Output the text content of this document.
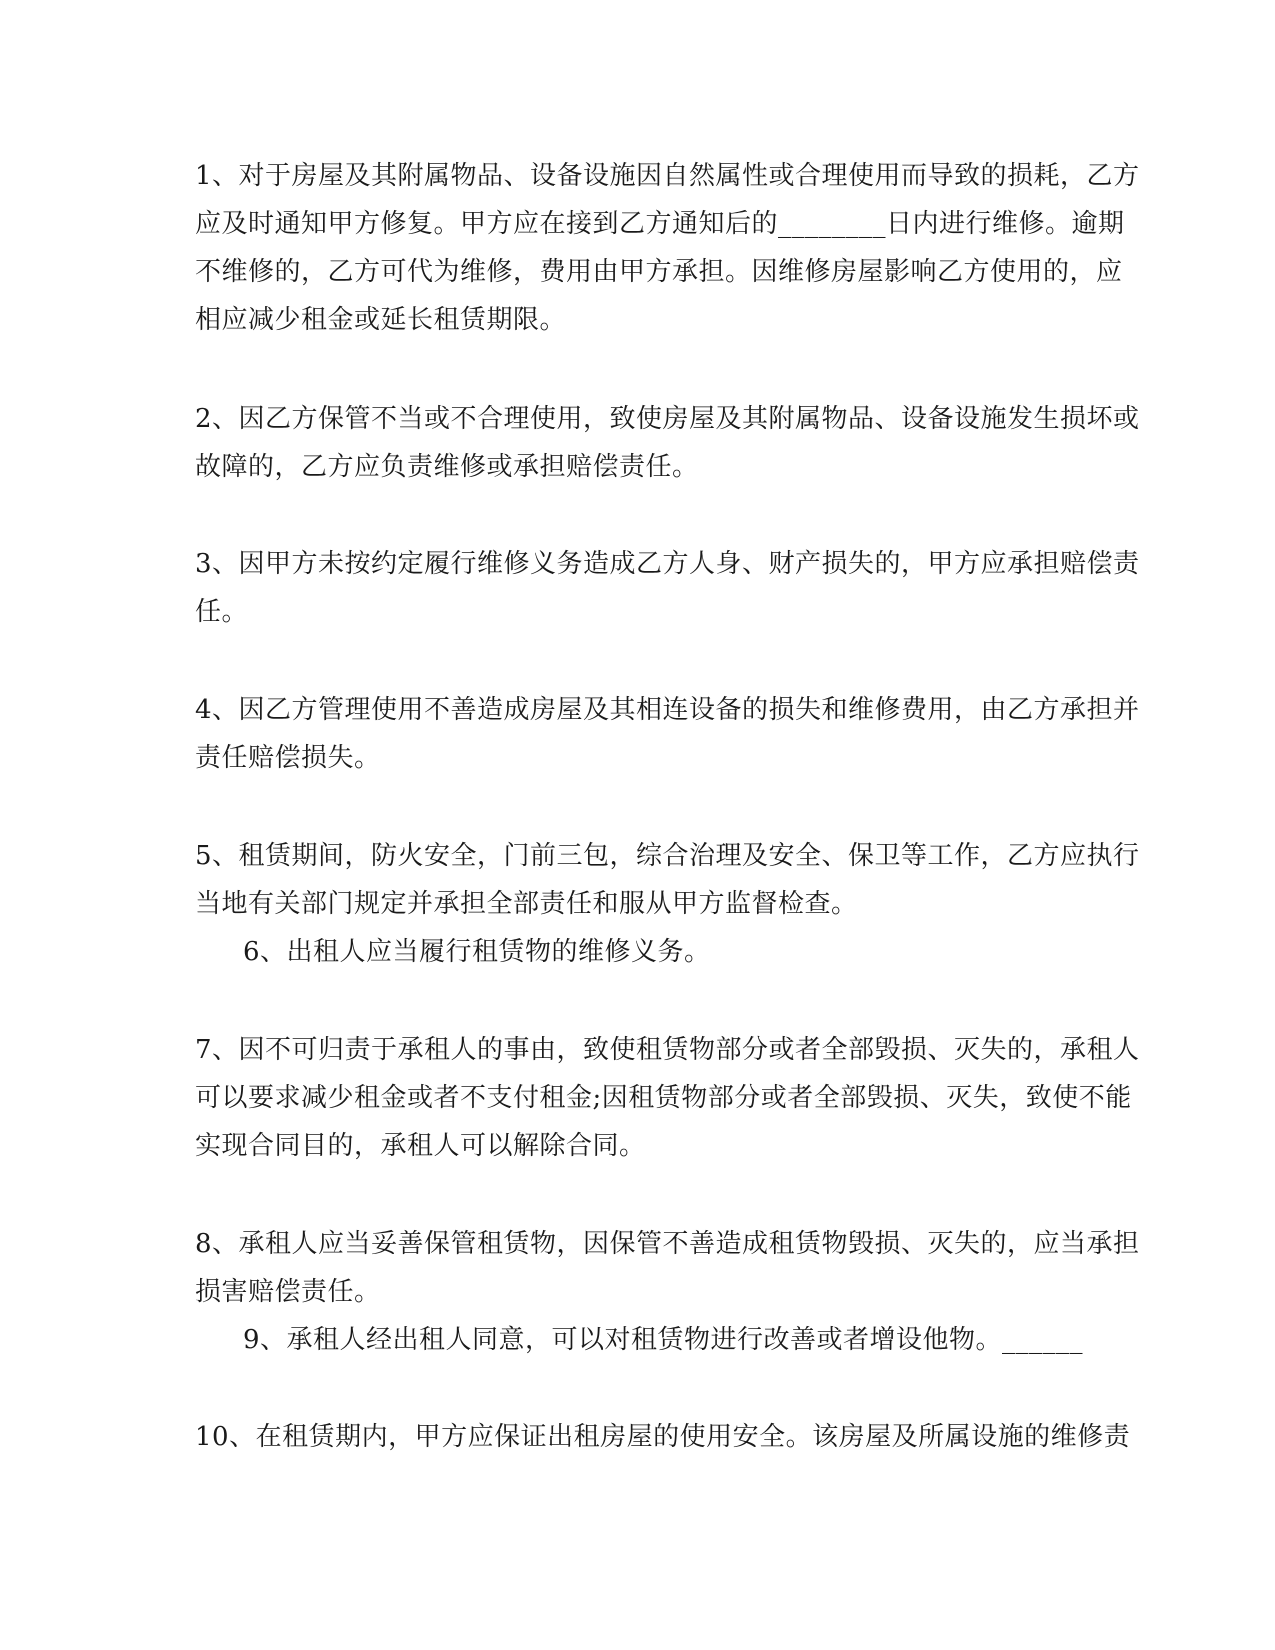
1、对于房屋及其附属物品、设备设施因自然属性或合理使用而导致的损耗，乙方
应及时通知甲方修复。甲方应在接到乙方通知后的________日内进行维修。逾期
不维修的，乙方可代为维修，费用由甲方承担。因维修房屋影响乙方使用的，应
相应减少租金或延长租赁期限。

2、因乙方保管不当或不合理使用，致使房屋及其附属物品、设备设施发生损坏或
故障的，乙方应负责维修或承担赔偿责任。

3、因甲方未按约定履行维修义务造成乙方人身、财产损失的，甲方应承担赔偿责
任。

4、因乙方管理使用不善造成房屋及其相连设备的损失和维修费用，由乙方承担并
责任赔偿损失。

5、租赁期间，防火安全，门前三包，综合治理及安全、保卫等工作，乙方应执行
当地有关部门规定并承担全部责任和服从甲方监督检查。

6、出租人应当履行租赁物的维修义务。

7、因不可归责于承租人的事由，致使租赁物部分或者全部毁损、灭失的，承租人
可以要求减少租金或者不支付租金;因租赁物部分或者全部毁损、灭失，致使不能
实现合同目的，承租人可以解除合同。

8、承租人应当妥善保管租赁物，因保管不善造成租赁物毁损、灭失的，应当承担
损害赔偿责任。

9、承租人经出租人同意，可以对租赁物进行改善或者增设他物。______

10、在租赁期内，甲方应保证出租房屋的使用安全。该房屋及所属设施的维修责
